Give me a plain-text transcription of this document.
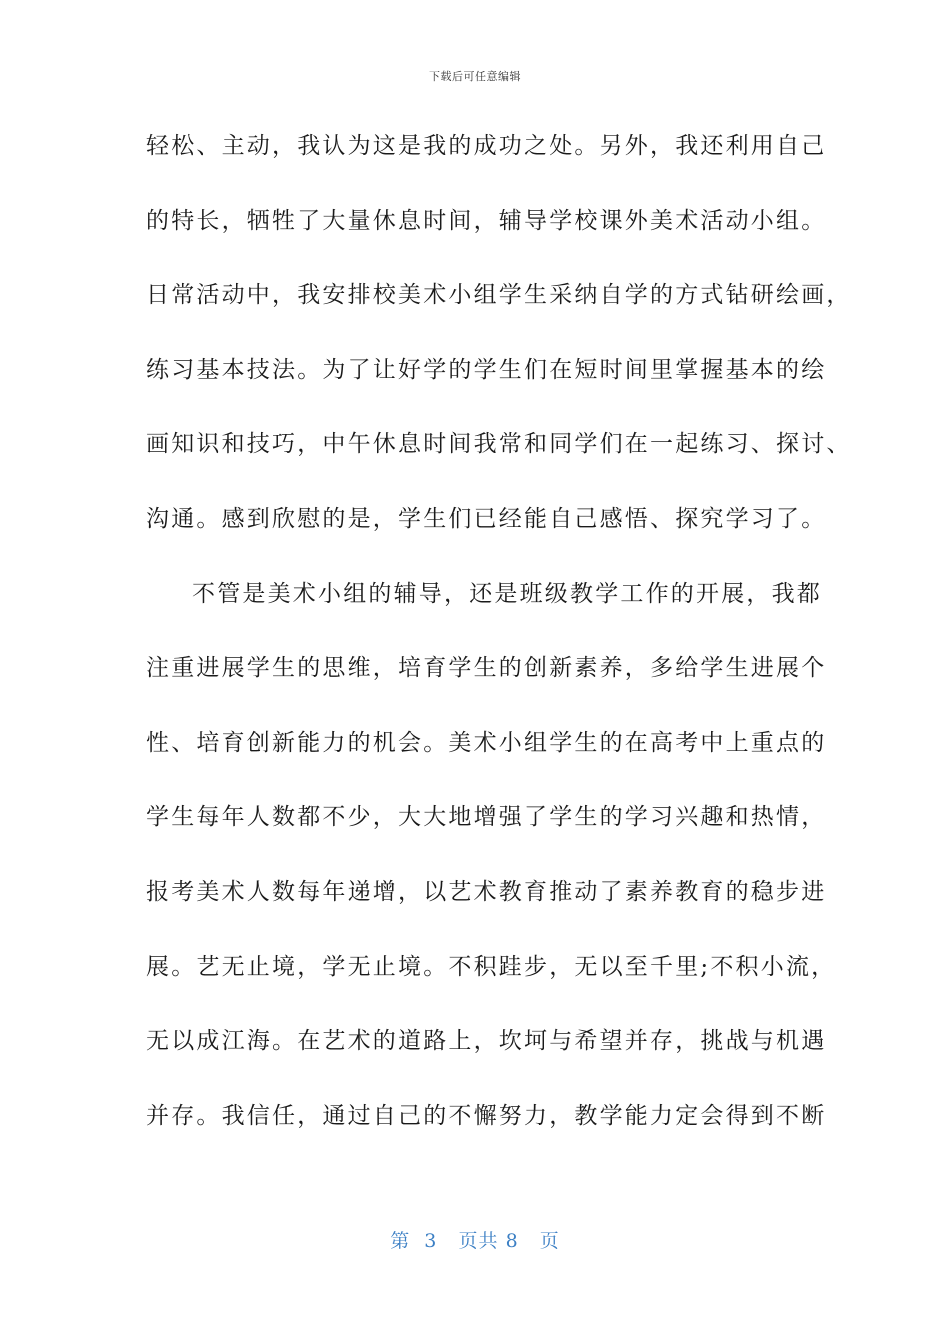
下载后可任意编辑
轻松、主动，我认为这是我的成功之处。另外，我还利用自己
的特长，牺牲了大量休息时间，辅导学校课外美术活动小组。
日常活动中，我安排校美术小组学生采纳自学的方式钻研绘画，
练习基本技法。为了让好学的学生们在短时间里掌握基本的绘
画知识和技巧，中午休息时间我常和同学们在一起练习、探讨、
沟通。感到欣慰的是，学生们已经能自己感悟、探究学习了。
不管是美术小组的辅导，还是班级教学工作的开展，我都
注重进展学生的思维，培育学生的创新素养，多给学生进展个
性、培育创新能力的机会。美术小组学生的在高考中上重点的
学生每年人数都不少，大大地增强了学生的学习兴趣和热情，
报考美术人数每年递增，以艺术教育推动了素养教育的稳步进
展。艺无止境，学无止境。不积跬步，无以至千里;不积小流，
无以成江海。在艺术的道路上，坎坷与希望并存，挑战与机遇
并存。我信任，通过自己的不懈努力，教学能力定会得到不断
第 3 页共 8 页
